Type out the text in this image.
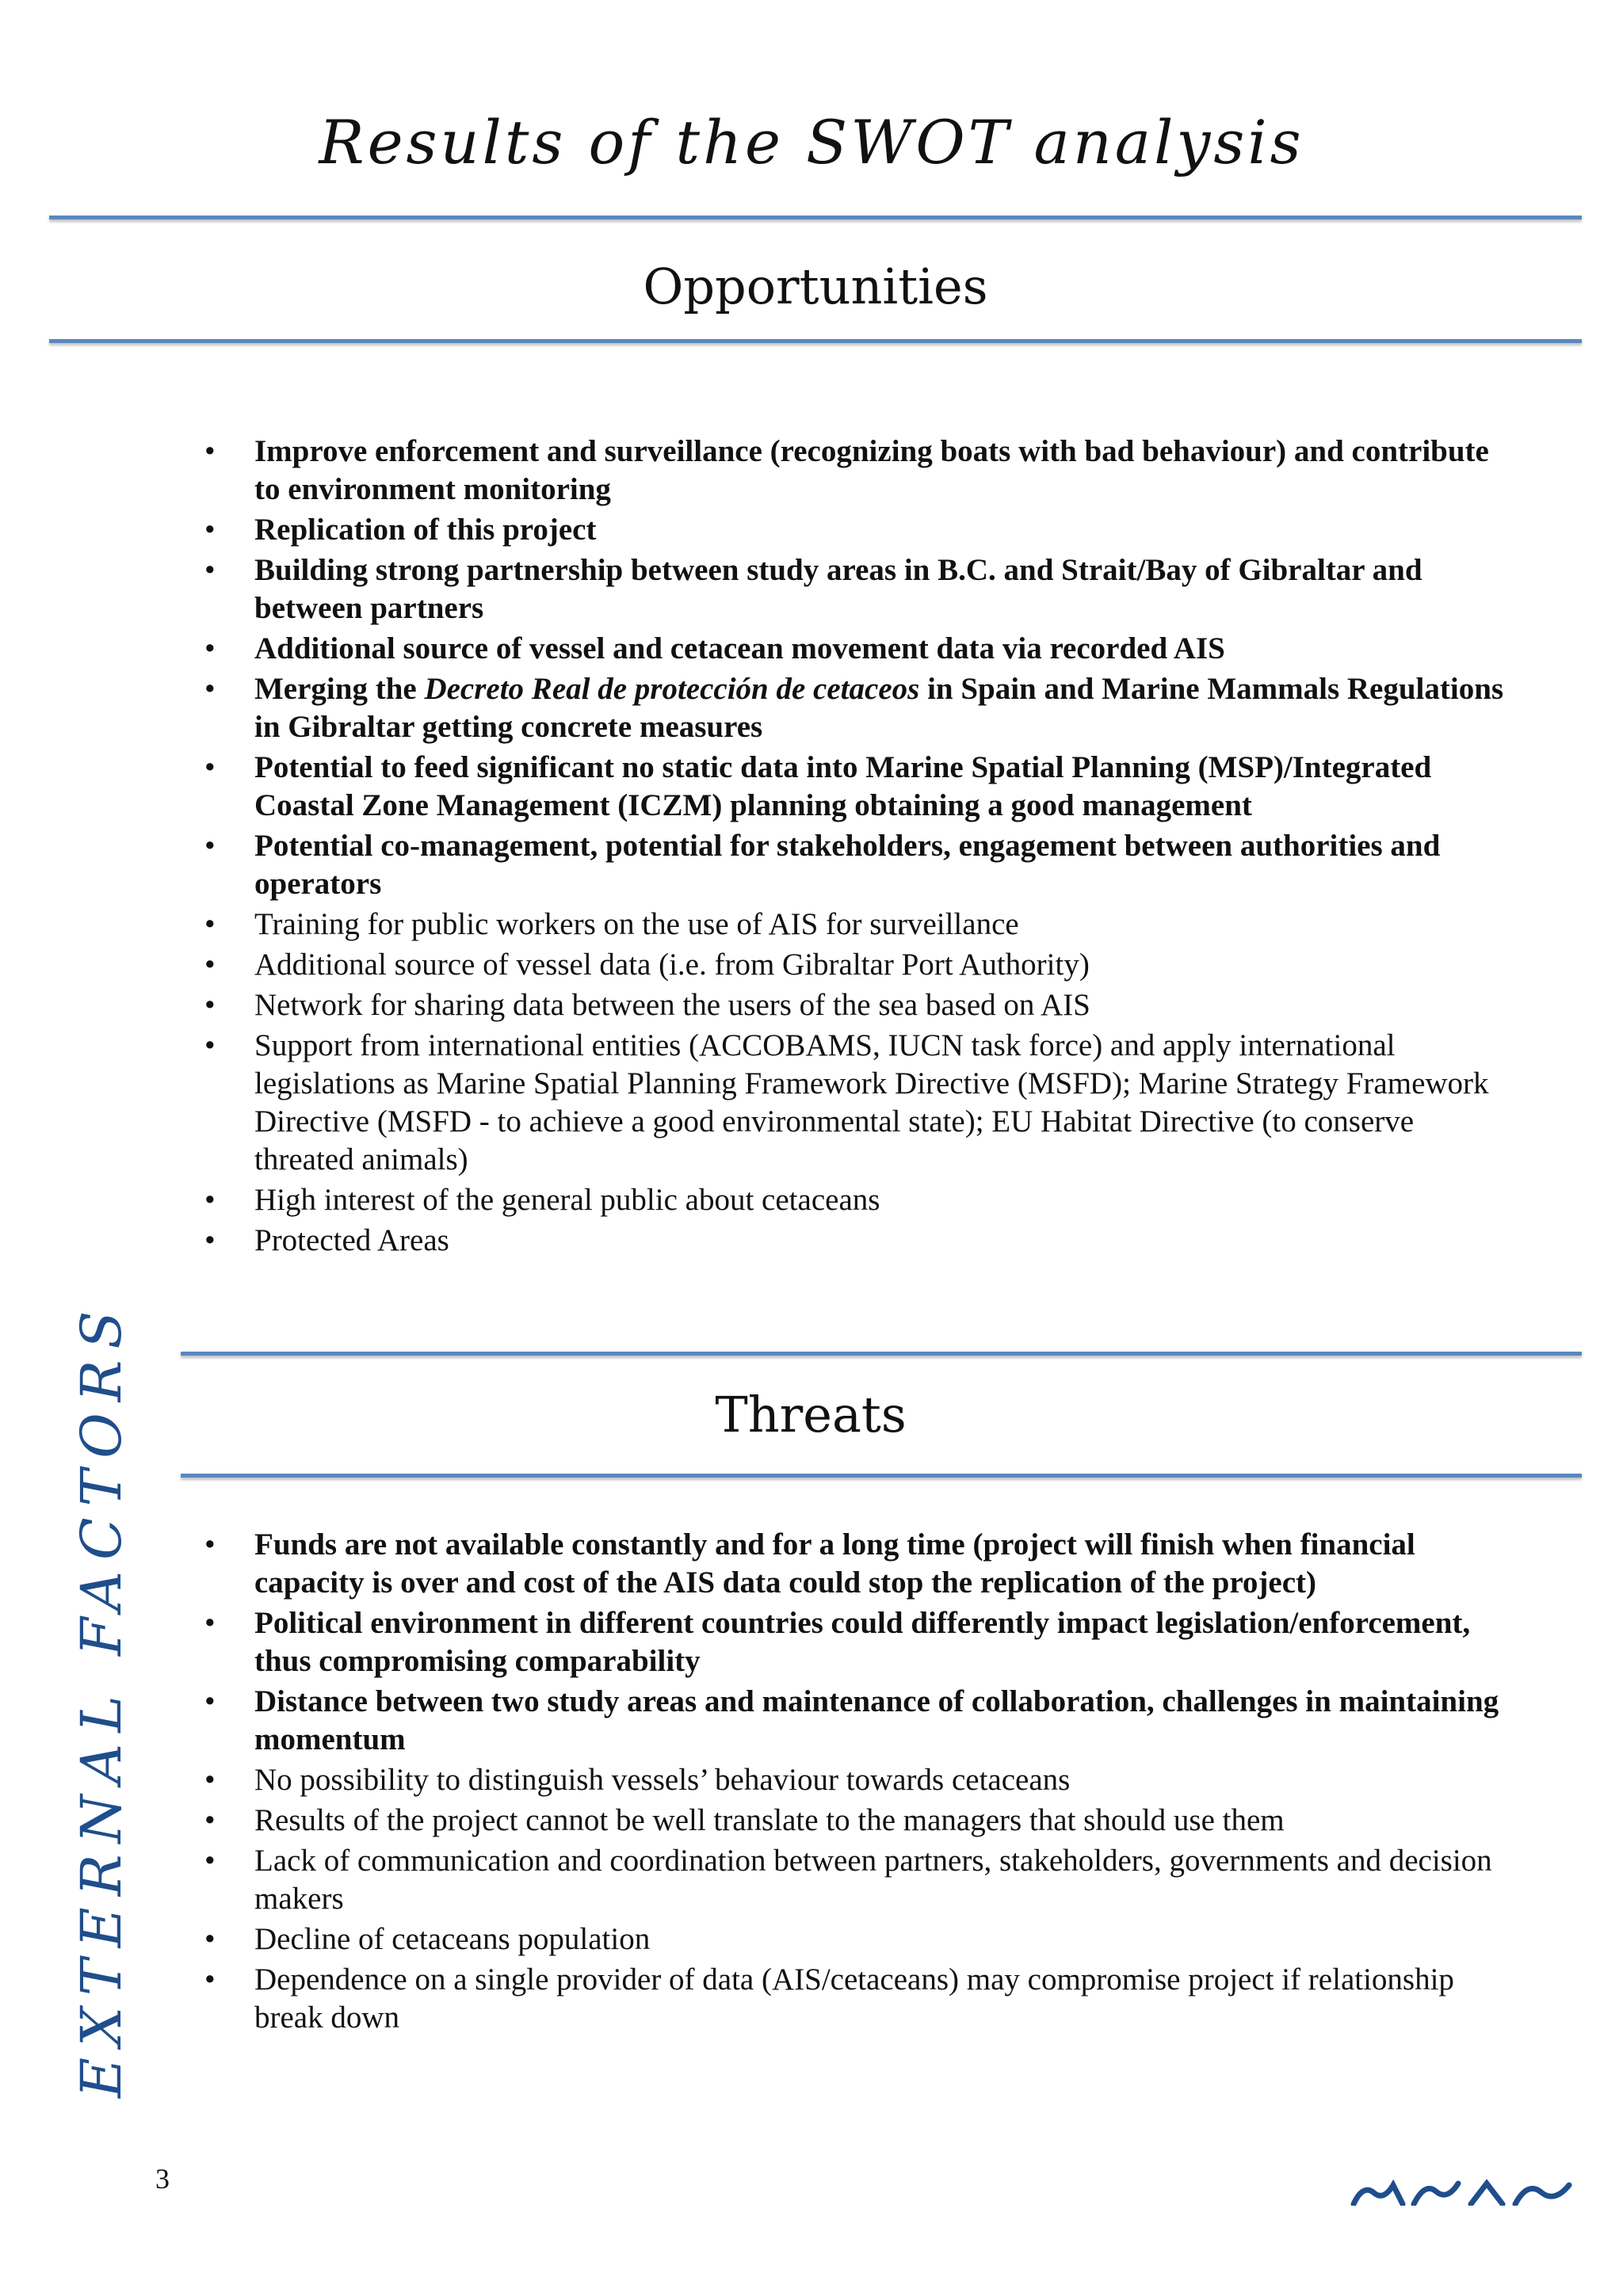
Results of the SWOT analysis
Opportunities
• Improve enforcement and surveillance (recognizing boats with bad behaviour) and contribute to environment monitoring
• Replication of this project
• Building strong partnership between study areas in B.C. and Strait/Bay of Gibraltar and between partners
• Additional source of vessel and cetacean movement data via recorded AIS
• Merging the Decreto Real de protección de cetaceos in Spain and Marine Mammals Regulations in Gibraltar getting concrete measures
• Potential to feed significant no static data into Marine Spatial Planning (MSP)/Integrated Coastal Zone Management (ICZM) planning obtaining a good management
• Potential co-management, potential for stakeholders, engagement between authorities and operators
• Training for public workers on the use of AIS for surveillance
• Additional source of vessel data (i.e. from Gibraltar Port Authority)
• Network for sharing data between the users of the sea based on AIS
• Support from international entities (ACCOBAMS, IUCN task force) and apply international legislations as Marine Spatial Planning Framework Directive (MSFD); Marine Strategy Framework Directive (MSFD - to achieve a good environmental state); EU Habitat Directive (to conserve threated animals)
• High interest of the general public about cetaceans
• Protected Areas
Threats
• Funds are not available constantly and for a long time (project will finish when financial capacity is over and cost of the AIS data could stop the replication of the project)
• Political environment in different countries could differently impact legislation/enforcement, thus compromising comparability
• Distance between two study areas and maintenance of collaboration, challenges in maintaining momentum
• No possibility to distinguish vessels’ behaviour towards cetaceans
• Results of the project cannot be well translate to the managers that should use them
• Lack of communication and coordination between partners, stakeholders, governments and decision makers
• Decline of cetaceans population
• Dependence on a single provider of data (AIS/cetaceans) may compromise project if relationship break down
EXTERNAL FACTORS
3
